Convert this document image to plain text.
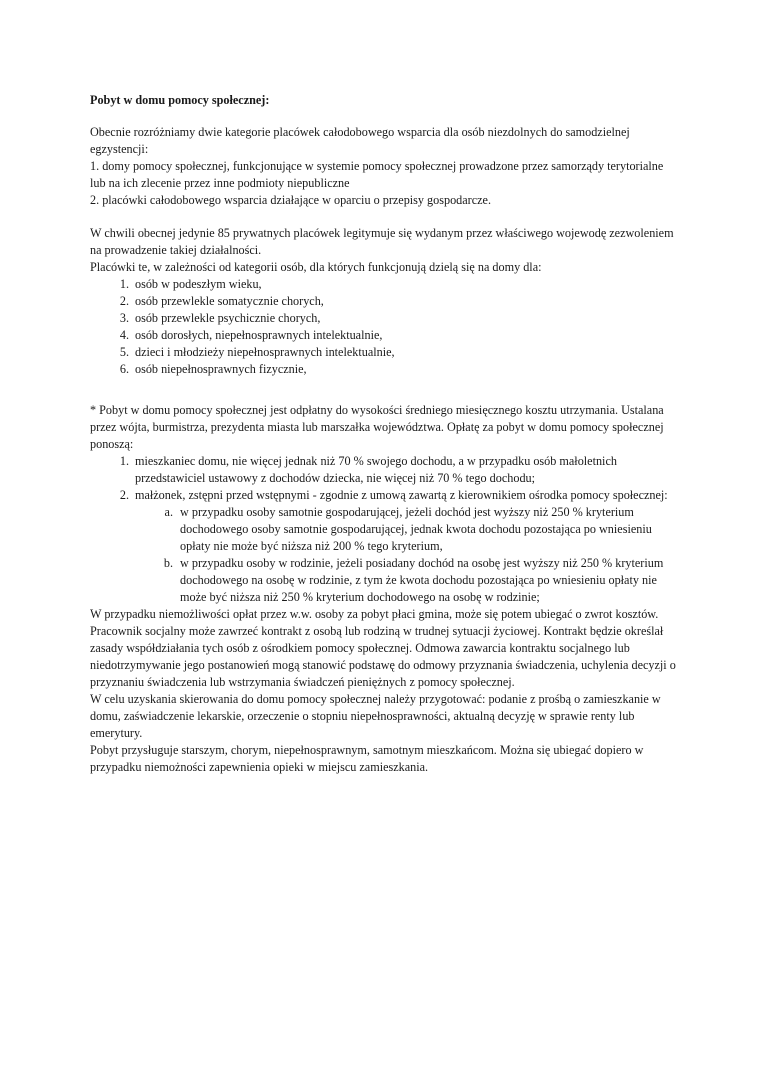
Pobyt w domu pomocy społecznej:

Obecnie rozróżniamy dwie kategorie placówek całodobowego wsparcia dla osób niezdolnych do samodzielnej egzystencji:

1. domy pomocy społecznej, funkcjonujące w systemie pomocy społecznej prowadzone przez samorządy terytorialne lub na ich zlecenie przez inne podmioty niepubliczne

2. placówki całodobowego wsparcia działające w oparciu o przepisy gospodarcze.

W chwili obecnej jedynie 85 prywatnych placówek legitymuje się wydanym przez właściwego wojewodę zezwoleniem na prowadzenie takiej działalności.

Placówki te, w zależności od kategorii osób, dla których funkcjonują dzielą się na domy dla:

1. osób w podeszłym wieku,
2. osób przewlekle somatycznie chorych,
3. osób przewlekle psychicznie chorych,
4. osób dorosłych, niepełnosprawnych intelektualnie,
5. dzieci i młodzieży niepełnosprawnych intelektualnie,
6. osób niepełnosprawnych fizycznie,

* Pobyt w domu pomocy społecznej jest odpłatny do wysokości średniego miesięcznego kosztu utrzymania. Ustalana przez wójta, burmistrza, prezydenta miasta lub marszałka województwa. Opłatę za pobyt w domu pomocy społecznej ponoszą:

1. mieszkaniec domu, nie więcej jednak niż 70 % swojego dochodu, a w przypadku osób małoletnich przedstawiciel ustawowy z dochodów dziecka, nie więcej niż 70 % tego dochodu;
2. małżonek, zstępni przed wstępnymi - zgodnie z umową zawartą z kierownikiem ośrodka pomocy społecznej:
a. w przypadku osoby samotnie gospodarującej, jeżeli dochód jest wyższy niż 250 % kryterium dochodowego osoby samotnie gospodarującej, jednak kwota dochodu pozostająca po wniesieniu opłaty nie może być niższa niż 200 % tego kryterium,
b. w przypadku osoby w rodzinie, jeżeli posiadany dochód na osobę jest wyższy niż 250 % kryterium dochodowego na osobę w rodzinie, z tym że kwota dochodu pozostająca po wniesieniu opłaty nie może być niższa niż 250 % kryterium dochodowego na osobę w rodzinie;

W przypadku niemożliwości opłat przez w.w. osoby za pobyt płaci gmina, może się potem ubiegać o zwrot kosztów.

Pracownik socjalny może zawrzeć kontrakt z osobą lub rodziną w trudnej sytuacji życiowej. Kontrakt będzie określał zasady współdziałania tych osób z ośrodkiem pomocy społecznej. Odmowa zawarcia kontraktu socjalnego lub niedotrzymywanie jego postanowień mogą stanowić podstawę do odmowy przyznania świadczenia, uchylenia decyzji o przyznaniu świadczenia lub wstrzymania świadczeń pieniężnych z pomocy społecznej.

W celu uzyskania skierowania do domu pomocy społecznej należy przygotować: podanie z prośbą o zamieszkanie w domu, zaświadczenie lekarskie, orzeczenie o stopniu niepełnosprawności, aktualną decyzję w sprawie renty lub emerytury.

Pobyt przysługuje starszym, chorym, niepełnosprawnym, samotnym mieszkańcom. Można się ubiegać dopiero w przypadku niemożności zapewnienia opieki w miejscu zamieszkania.
